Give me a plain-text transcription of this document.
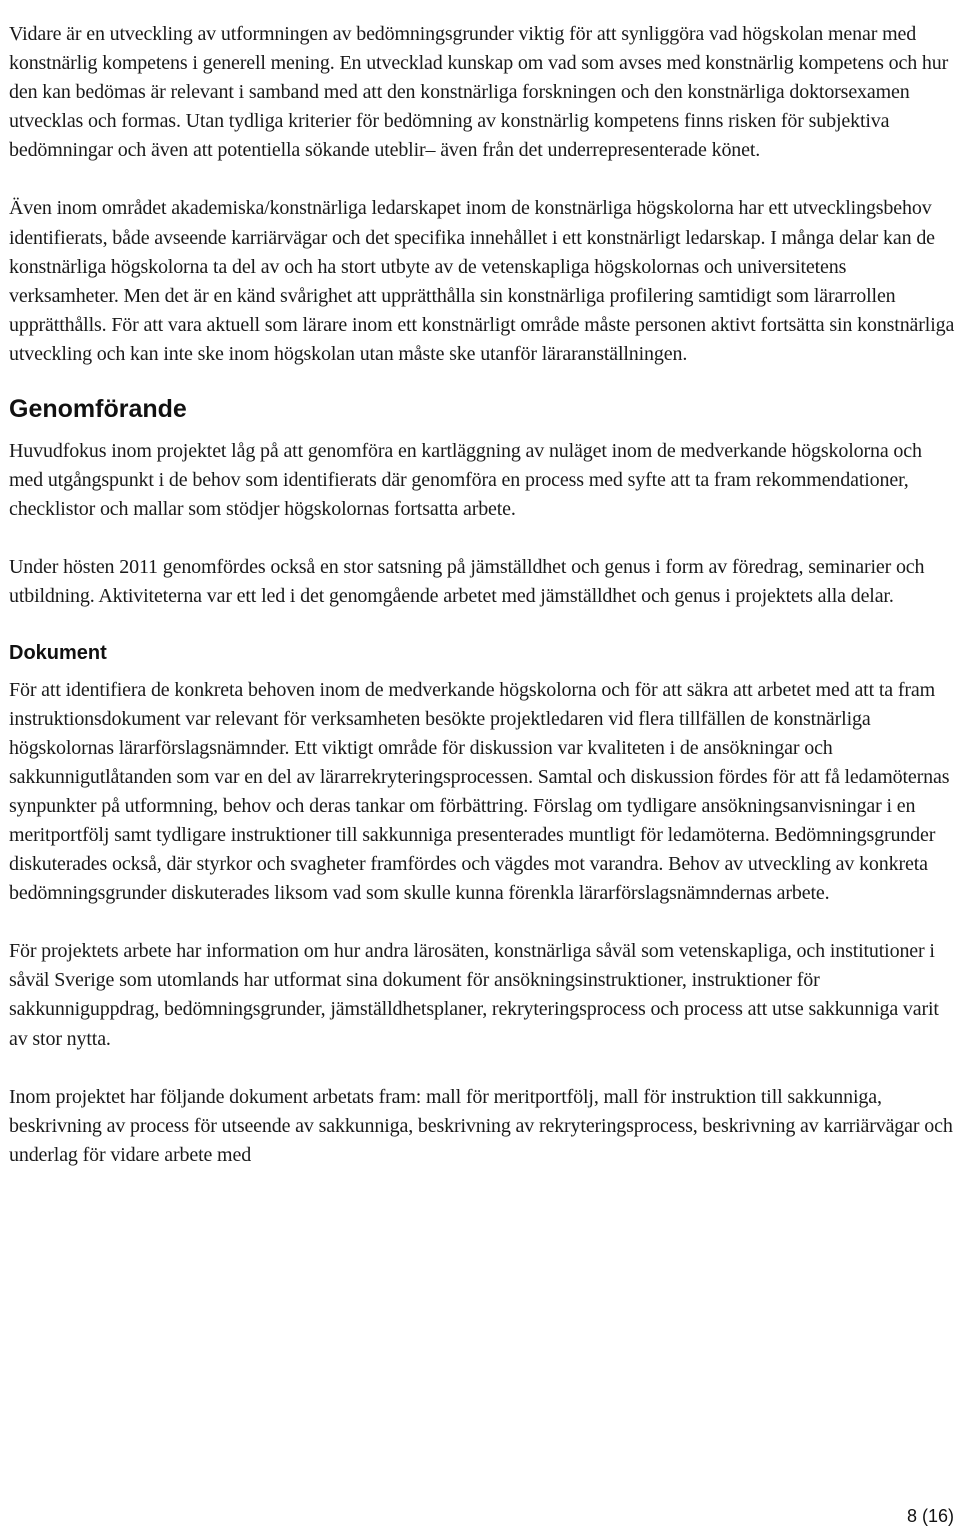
Vidare är en utveckling av utformningen av bedömningsgrunder viktig för att synliggöra vad högskolan menar med konstnärlig kompetens i generell mening. En utvecklad kunskap om vad som avses med konstnärlig kompetens och hur den kan bedömas är relevant i samband med att den konstnärliga forskningen och den konstnärliga doktorsexamen utvecklas och formas. Utan tydliga kriterier för bedömning av konstnärlig kompetens finns risken för subjektiva bedömningar och även att potentiella sökande uteblir– även från det underrepresenterade könet.

Även inom området akademiska/konstnärliga ledarskapet inom de konstnärliga högskolorna har ett utvecklingsbehov identifierats, både avseende karriärvägar och det specifika innehållet i ett konstnärligt ledarskap. I många delar kan de konstnärliga högskolorna ta del av och ha stort utbyte av de vetenskapliga högskolornas och universitetens verksamheter. Men det är en känd svårighet att upprätthålla sin konstnärliga profilering samtidigt som lärarrollen upprätthålls. För att vara aktuell som lärare inom ett konstnärligt område måste personen aktivt fortsätta sin konstnärliga utveckling och kan inte ske inom högskolan utan måste ske utanför läraranställningen.

Genomförande

Huvudfokus inom projektet låg på att genomföra en kartläggning av nuläget inom de medverkande högskolorna och med utgångspunkt i de behov som identifierats där genomföra en process med syfte att ta fram rekommendationer, checklistor och mallar som stödjer högskolornas fortsatta arbete.

Under hösten 2011 genomfördes också en stor satsning på jämställdhet och genus i form av föredrag, seminarier och utbildning. Aktiviteterna var ett led i det genomgående arbetet med jämställdhet och genus i projektets alla delar.

Dokument

För att identifiera de konkreta behoven inom de medverkande högskolorna och för att säkra att arbetet med att ta fram instruktionsdokument var relevant för verksamheten besökte projektledaren vid flera tillfällen de konstnärliga högskolornas lärarförslagsnämnder. Ett viktigt område för diskussion var kvaliteten i de ansökningar och sakkunnigutlåtanden som var en del av lärarrekryteringsprocessen. Samtal och diskussion fördes för att få ledamöternas synpunkter på utformning, behov och deras tankar om förbättring. Förslag om tydligare ansökningsanvisningar i en meritportfölj samt tydligare instruktioner till sakkunniga presenterades muntligt för ledamöterna. Bedömningsgrunder diskuterades också, där styrkor och svagheter framfördes och vägdes mot varandra. Behov av utveckling av konkreta bedömningsgrunder diskuterades liksom vad som skulle kunna förenkla lärarförslagsnämndernas arbete.

För projektets arbete har information om hur andra lärosäten, konstnärliga såväl som vetenskapliga, och institutioner i såväl Sverige som utomlands har utformat sina dokument för ansökningsinstruktioner, instruktioner för sakkunniguppdrag, bedömningsgrunder, jämställdhetsplaner, rekryteringsprocess och process att utse sakkunniga varit av stor nytta.

Inom projektet har följande dokument arbetats fram: mall för meritportfölj, mall för instruktion till sakkunniga, beskrivning av process för utseende av sakkunniga, beskrivning av rekryteringsprocess, beskrivning av karriärvägar och underlag för vidare arbete med

8 (16)
